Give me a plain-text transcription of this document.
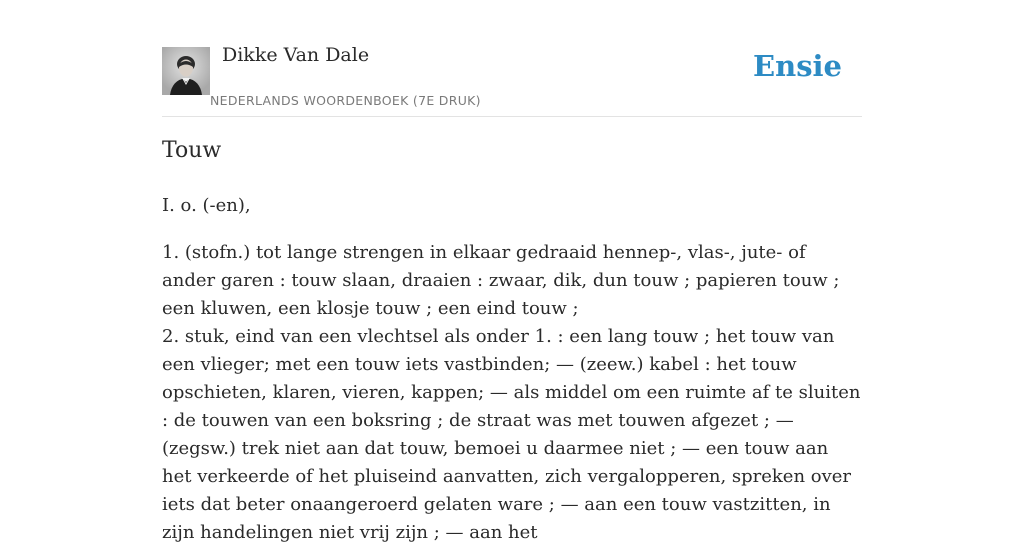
Dikke Van Dale
NEDERLANDS WOORDENBOEK (7E DRUK)
Ensie
Touw

I. o. (-en),

1. (stofn.) tot lange strengen in elkaar gedraaid hennep-, vlas-, jute- of ander garen : touw slaan, draaien : zwaar, dik, dun touw ; papieren touw ; een kluwen, een klosje touw ; een eind touw ;

2. stuk, eind van een vlechtsel als onder 1. : een lang touw ; het touw van een vlieger; met een touw iets vastbinden; — (zeew.) kabel : het touw opschieten, klaren, vieren, kappen; — als middel om een ruimte af te sluiten : de touwen van een boksring ; de straat was met touwen afgezet ; — (zegsw.) trek niet aan dat touw, bemoei u daarmee niet ; — een touw aan het verkeerde of het pluiseind aanvatten, zich vergalopperen, spreken over iets dat beter onaangeroerd gelaten ware ; — aan een touw vastzitten, in zijn handelingen niet vrij zijn ; — aan het
